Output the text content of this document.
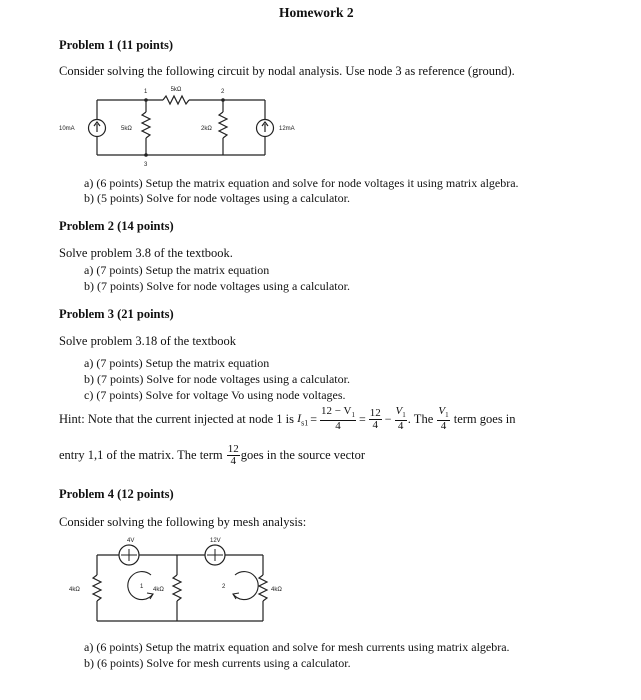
Homework 2
Problem 1 (11 points)
Consider solving the following circuit by nodal analysis. Use node 3 as reference (ground).
5kΩ
1	2
3
10mA	5kΩ	2kΩ	12mA
a) (6 points) Setup the matrix equation and solve for node voltages it using matrix algebra.
b) (5 points) Solve for node voltages using a calculator.
Problem 2 (14 points)
Solve problem 3.8 of the textbook.
a) (7 points) Setup the matrix equation
b) (7 points) Solve for node voltages using a calculator.
Problem 3 (21 points)
Solve problem 3.18 of the textbook
a) (7 points) Setup the matrix equation
b) (7 points) Solve for node voltages using a calculator.
c) (7 points) Solve for voltage Vo using node voltages.
Hint: Note that the current injected at node 1 is
$I_{s1} = \frac{12 - V_1}{4} = \frac{12}{4} - \frac{V_1}{4}$ . The
$\frac{V_1}{4}$
term goes in
entry 1,1 of the matrix. The term
$\frac{12}{4}$ goes in the source vector
Problem 4 (12 points)
Consider solving the following by mesh analysis:
4V	12V
4kΩ	4kΩ	4kΩ
1	2
a) (6 points) Setup the matrix equation and solve for mesh currents using matrix algebra.
b) (6 points) Solve for mesh currents using a calculator.
